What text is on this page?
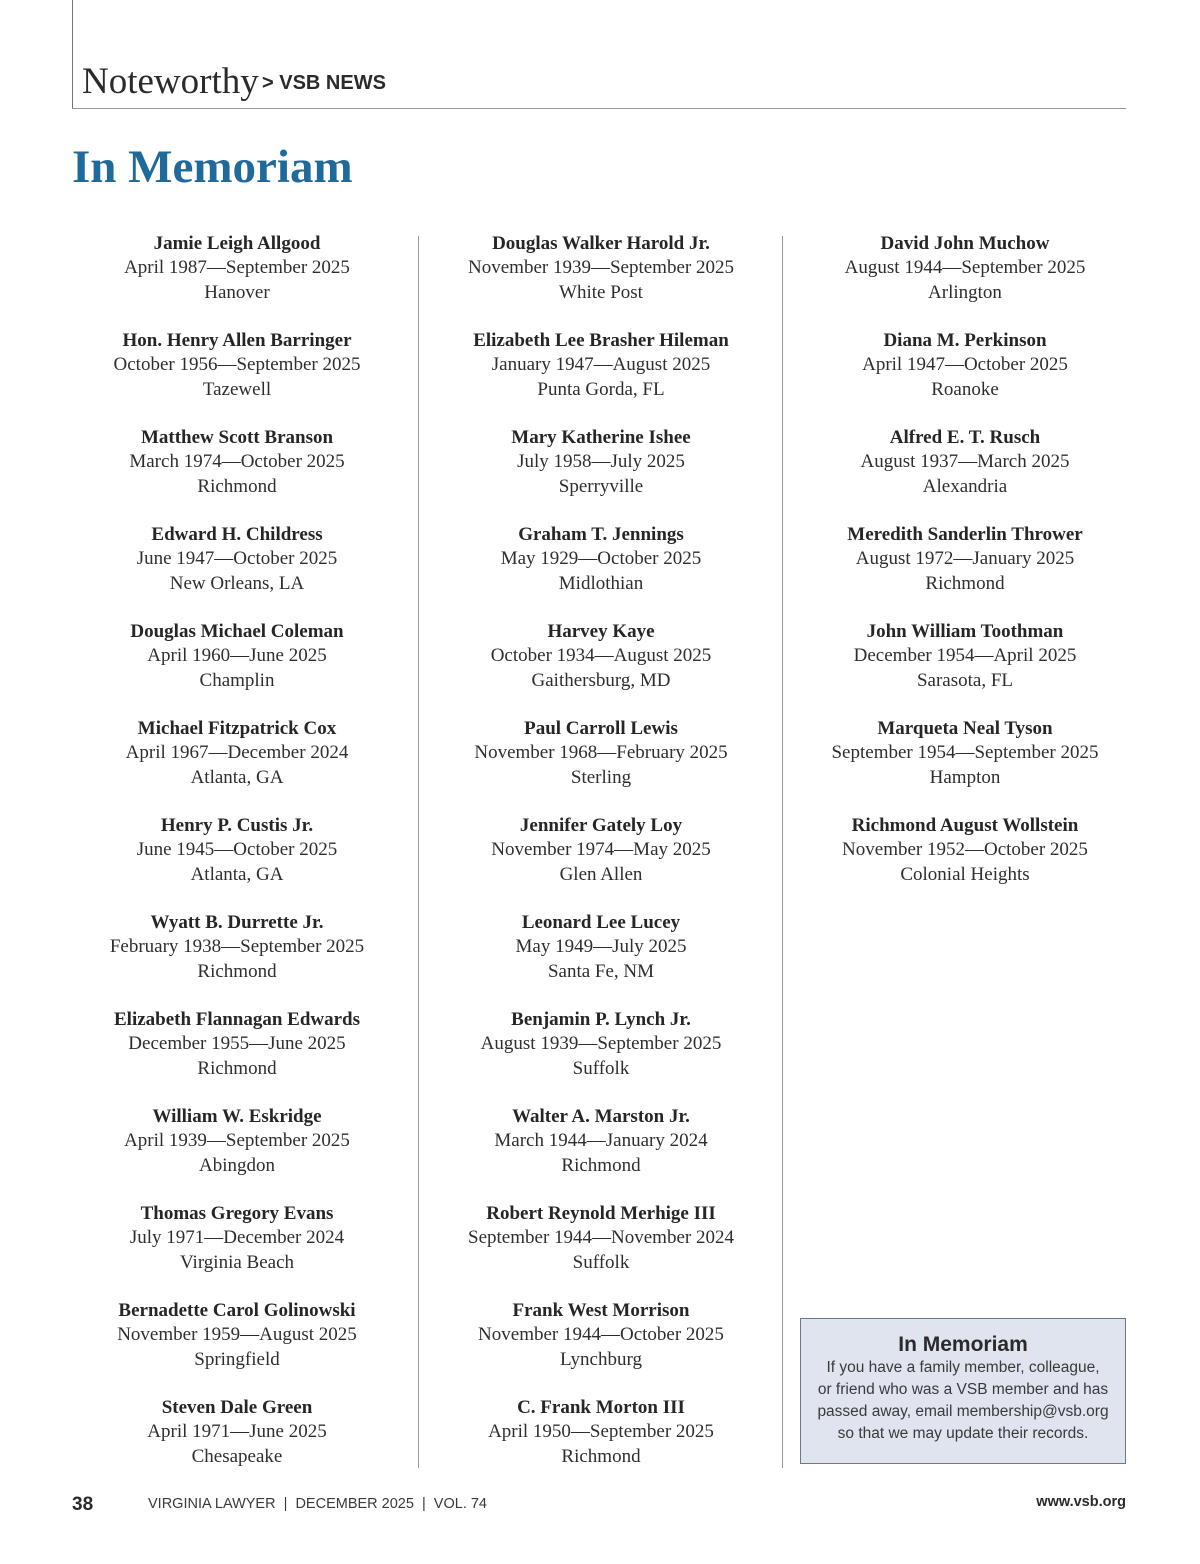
Noteworthy > VSB NEWS
In Memoriam
Jamie Leigh Allgood
April 1987—September 2025
Hanover
Hon. Henry Allen Barringer
October 1956—September 2025
Tazewell
Matthew Scott Branson
March 1974—October 2025
Richmond
Edward H. Childress
June 1947—October 2025
New Orleans, LA
Douglas Michael Coleman
April 1960—June 2025
Champlin
Michael Fitzpatrick Cox
April 1967—December 2024
Atlanta, GA
Henry P. Custis Jr.
June 1945—October 2025
Atlanta, GA
Wyatt B. Durrette Jr.
February 1938—September 2025
Richmond
Elizabeth Flannagan Edwards
December 1955—June 2025
Richmond
William W. Eskridge
April 1939—September 2025
Abingdon
Thomas Gregory Evans
July 1971—December 2024
Virginia Beach
Bernadette Carol Golinowski
November 1959—August 2025
Springfield
Steven Dale Green
April 1971—June 2025
Chesapeake
Douglas Walker Harold Jr.
November 1939—September 2025
White Post
Elizabeth Lee Brasher Hileman
January 1947—August 2025
Punta Gorda, FL
Mary Katherine Ishee
July 1958—July 2025
Sperryville
Graham T. Jennings
May 1929—October 2025
Midlothian
Harvey Kaye
October 1934—August 2025
Gaithersburg, MD
Paul Carroll Lewis
November 1968—February 2025
Sterling
Jennifer Gately Loy
November 1974—May 2025
Glen Allen
Leonard Lee Lucey
May 1949—July 2025
Santa Fe, NM
Benjamin P. Lynch Jr.
August 1939—September 2025
Suffolk
Walter A. Marston Jr.
March 1944—January 2024
Richmond
Robert Reynold Merhige III
September 1944—November 2024
Suffolk
Frank West Morrison
November 1944—October 2025
Lynchburg
C. Frank Morton III
April 1950—September 2025
Richmond
David John Muchow
August 1944—September 2025
Arlington
Diana M. Perkinson
April 1947—October 2025
Roanoke
Alfred E. T. Rusch
August 1937—March 2025
Alexandria
Meredith Sanderlin Thrower
August 1972—January 2025
Richmond
John William Toothman
December 1954—April 2025
Sarasota, FL
Marqueta Neal Tyson
September 1954—September 2025
Hampton
Richmond August Wollstein
November 1952—October 2025
Colonial Heights
In Memoriam
If you have a family member, colleague,
or friend who was a VSB member and has
passed away, email membership@vsb.org
so that we may update their records.
38	VIRGINIA LAWYER  |  DECEMBER 2025  |  VOL. 74	www.vsb.org
